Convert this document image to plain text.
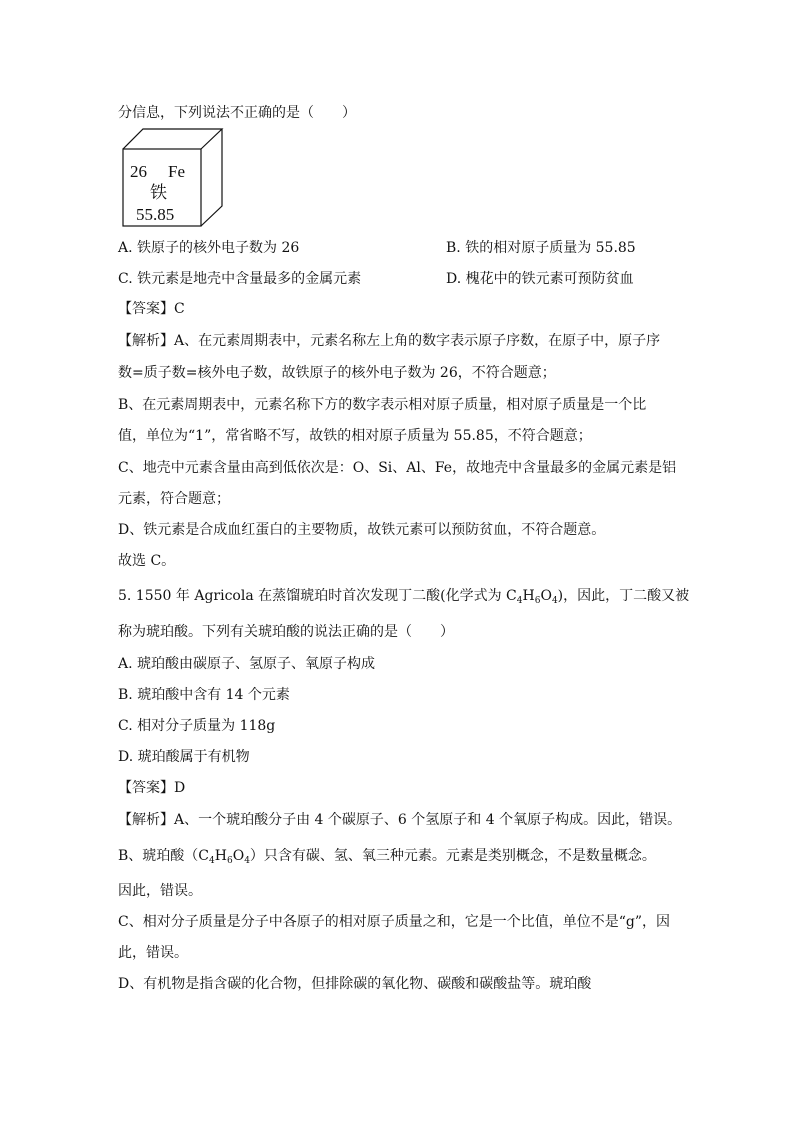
分信息，下列说法不正确的是（　　）
26 Fe
铁
55.85
A. 铁原子的核外电子数为 26	B. 铁的相对原子质量为 55.85
C. 铁元素是地壳中含量最多的金属元素	D. 槐花中的铁元素可预防贫血
【答案】C
【解析】A、在元素周期表中，元素名称左上角的数字表示原子序数，在原子中，原子序
数=质子数=核外电子数，故铁原子的核外电子数为 26，不符合题意；
B、在元素周期表中，元素名称下方的数字表示相对原子质量，相对原子质量是一个比
值，单位为“1”，常省略不写，故铁的相对原子质量为 55.85，不符合题意；
C、地壳中元素含量由高到低依次是：O、Si、Al、Fe，故地壳中含量最多的金属元素是铝
元素，符合题意；
D、铁元素是合成血红蛋白的主要物质，故铁元素可以预防贫血，不符合题意。
故选 C。
5. 1550 年 Agricola 在蒸馏琥珀时首次发现丁二酸(化学式为 $C_4H_6O_4$)，因此，丁二酸又被
称为琥珀酸。下列有关琥珀酸的说法正确的是（　　）
A. 琥珀酸由碳原子、氢原子、氧原子构成
B. 琥珀酸中含有 14 个元素
C. 相对分子质量为 118g
D. 琥珀酸属于有机物
【答案】D
【解析】A、一个琥珀酸分子由 4 个碳原子、6 个氢原子和 4 个氧原子构成。因此，错误。
B、琥珀酸$(C_4H_6O_4)$只含有碳、氢、氧三种元素。元素是类别概念，不是数量概念。
因此，错误。
C、相对分子质量是分子中各原子的相对原子质量之和，它是一个比值，单位不是“g”，因
此，错误。
D、有机物是指含碳的化合物，但排除碳的氧化物、碳酸和碳酸盐等。琥珀酸
